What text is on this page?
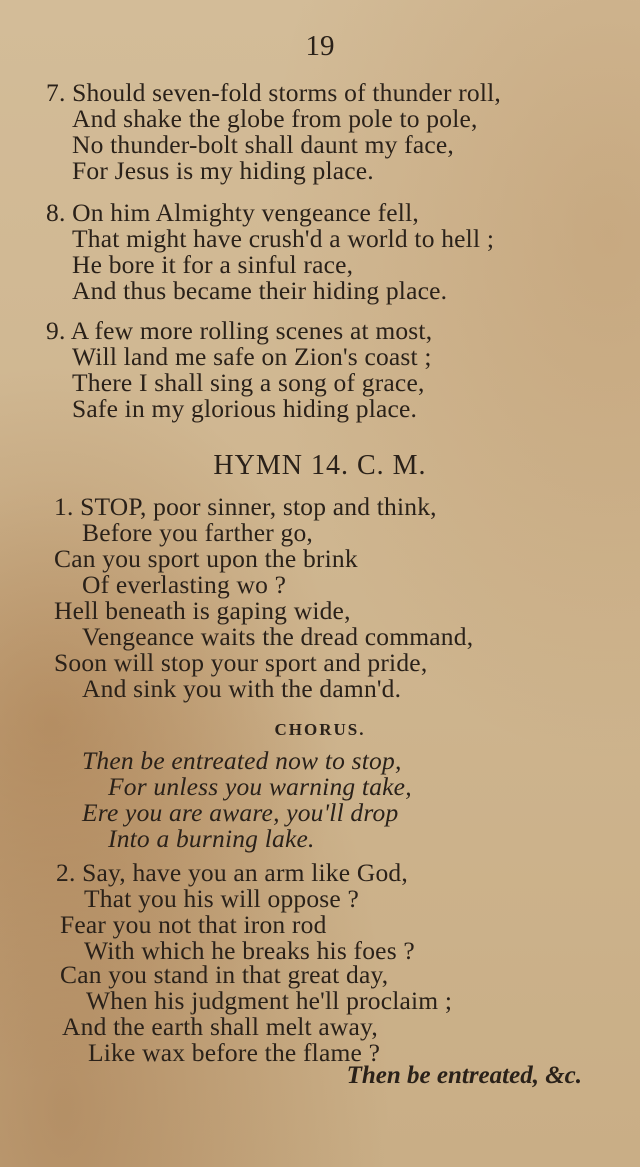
19
7. Should seven-fold storms of thunder roll,
And shake the globe from pole to pole,
No thunder-bolt shall daunt my face,
For Jesus is my hiding place.
8. On him Almighty vengeance fell,
That might have crush'd a world to hell ;
He bore it for a sinful race,
And thus became their hiding place.
9. A few more rolling scenes at most,
Will land me safe on Zion's coast ;
There I shall sing a song of grace,
Safe in my glorious hiding place.
HYMN 14. C. M.
1. STOP, poor sinner, stop and think,
Before you farther go,
Can you sport upon the brink
Of everlasting wo ?
Hell beneath is gaping wide,
Vengeance waits the dread command,
Soon will stop your sport and pride,
And sink you with the damn'd.
CHORUS.
Then be entreated now to stop,
For unless you warning take,
Ere you are aware, you'll drop
Into a burning lake.
2. Say, have you an arm like God,
That you his will oppose ?
Fear you not that iron rod
With which he breaks his foes ?
Can you stand in that great day,
When his judgment he'll proclaim ;
And the earth shall melt away,
Like wax before the flame ?
Then be entreated, &c.
